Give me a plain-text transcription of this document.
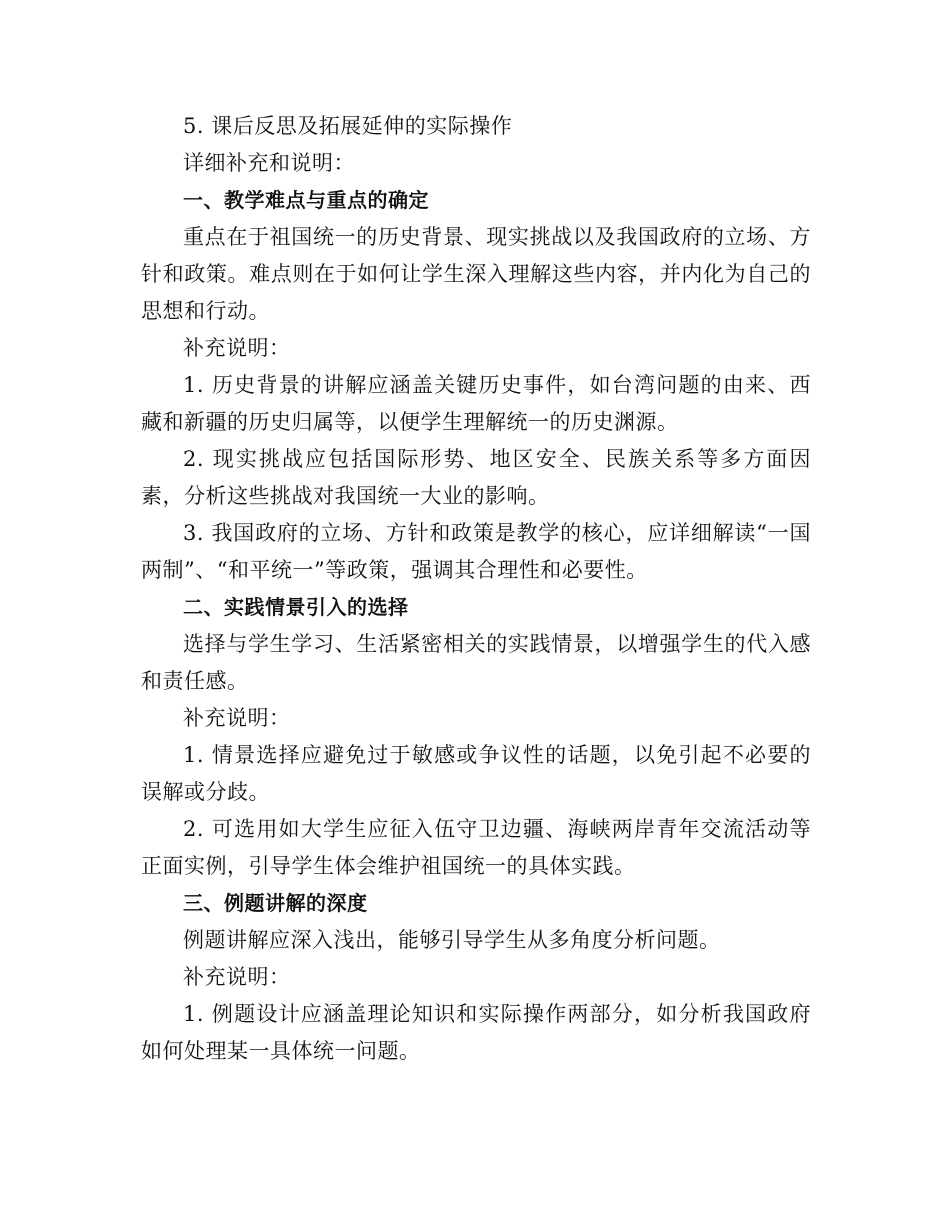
5. 课后反思及拓展延伸的实际操作

详细补充和说明：

一、教学难点与重点的确定

重点在于祖国统一的历史背景、现实挑战以及我国政府的立场、方针和政策。难点则在于如何让学生深入理解这些内容，并内化为自己的思想和行动。

补充说明：

1. 历史背景的讲解应涵盖关键历史事件，如台湾问题的由来、西藏和新疆的历史归属等，以便学生理解统一的历史渊源。

2. 现实挑战应包括国际形势、地区安全、民族关系等多方面因素，分析这些挑战对我国统一大业的影响。

3. 我国政府的立场、方针和政策是教学的核心，应详细解读“一国两制”、“和平统一”等政策，强调其合理性和必要性。

二、实践情景引入的选择

选择与学生学习、生活紧密相关的实践情景，以增强学生的代入感和责任感。

补充说明：

1. 情景选择应避免过于敏感或争议性的话题，以免引起不必要的误解或分歧。

2. 可选用如大学生应征入伍守卫边疆、海峡两岸青年交流活动等正面实例，引导学生体会维护祖国统一的具体实践。

三、例题讲解的深度

例题讲解应深入浅出，能够引导学生从多角度分析问题。

补充说明：

1. 例题设计应涵盖理论知识和实际操作两部分，如分析我国政府如何处理某一具体统一问题。
